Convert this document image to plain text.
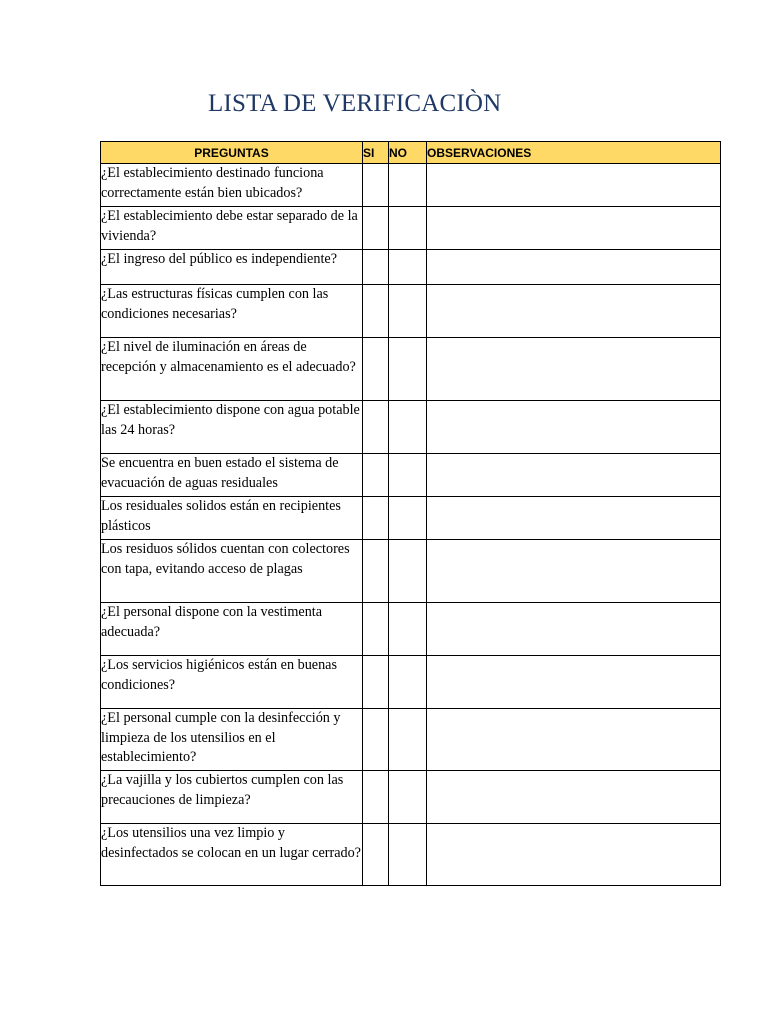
LISTA DE VERIFICACIÒN
PREGUNTAS	SI	NO	OBSERVACIONES
¿El establecimiento destinado funciona correctamente están bien ubicados?			
¿El establecimiento debe estar separado de la vivienda?			
¿El ingreso del público es independiente?			
¿Las estructuras físicas cumplen con las condiciones necesarias?			
¿El nivel de iluminación en áreas de recepción y almacenamiento es el adecuado?			
¿El establecimiento dispone con agua potable las 24 horas?			
Se encuentra en buen estado el sistema de evacuación de aguas residuales			
Los residuales solidos están en recipientes plásticos			
Los residuos sólidos cuentan con colectores con tapa, evitando acceso de plagas			
¿El personal dispone con la vestimenta adecuada?			
¿Los servicios higiénicos están en buenas condiciones?			
¿El personal cumple con la desinfección y limpieza de los utensilios en el establecimiento?			
¿La vajilla y los cubiertos cumplen con las precauciones de limpieza?			
¿Los utensilios una vez limpio y desinfectados se colocan en un lugar cerrado?			
